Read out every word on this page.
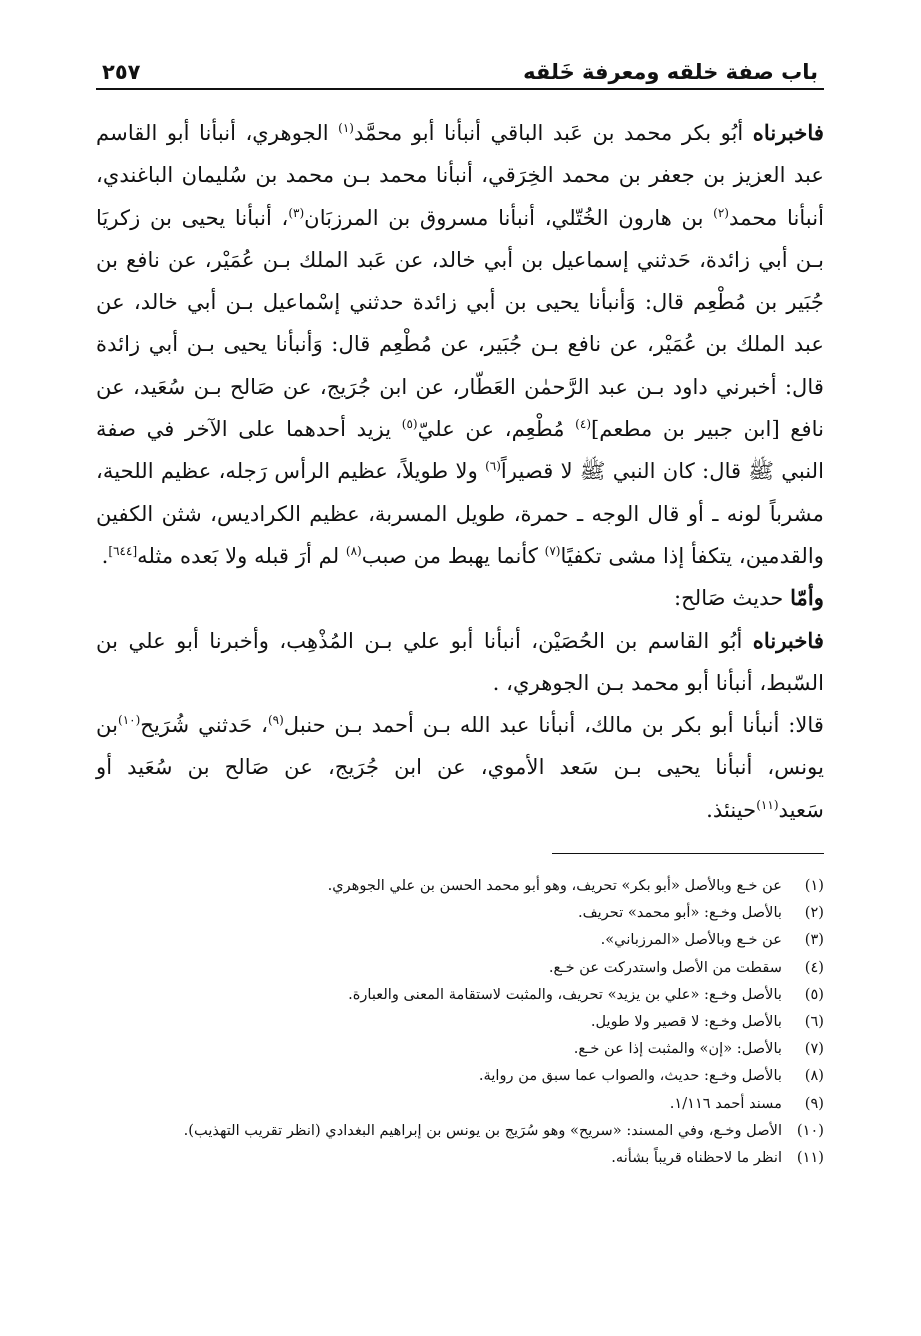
باب صفة خلقه ومعرفة خَلقه
٢٥٧

فاخبرناه أبُو بكر محمد بن عَبد الباقي أنبأنا أبو محمَّد$^{(١)}$ الجوهري، أنبأنا أبو القاسم عبد العزيز بن جعفر بن محمد الخِرَقي، أنبأنا محمد بـن محمد بن سُليمان الباغندي، أنبأنا محمد$^{(٢)}$ بن هارون الخُتّلي، أنبأنا مسروق بن المرزبَان$^{(٣)}$، أنبأنا يحيى بن زكريَا بـن أبي زائدة، حَدثني إسماعيل بن أبي خالد، عن عَبد الملك بـن عُمَيْر، عن نافع بن جُبَير بن مُطْعِم قال: وَأنبأنا يحيى بن أبي زائدة حدثني إسْماعيل بـن أبي خالد، عن عبد الملك بن عُمَيْر، عن نافع بـن جُبَير، عن مُطْعِم قال: وَأنبأنا يحيى بـن أبي زائدة قال: أخبرني داود بـن عبد الرَّحمٰن العَطّار، عن ابن جُرَيج، عن صَالح بـن سُعَيد، عن نافع [ابن جبير بن مطعم]$^{(٤)}$ مُطْعِم، عن عليّ$^{(٥)}$ يزيد أحدهما على الآخر في صفة النبي ﷺ قال: كان النبي ﷺ لا قصيراً$^{(٦)}$ ولا طويلاً، عظيم الرأس رَجله، عظيم اللحية، مشرباً لونه ـ أو قال الوجه ـ حمرة، طويل المسربة، عظيم الكراديس، شثن الكفين والقدمين، يتكفأ إذا مشى تكفيًا$^{(٧)}$ كأنما يهبط من صبب$^{(٨)}$ لم أرَ قبله ولا بَعده مثله[٦٤٤].

وأمّا حديث صَالح:

فاخبرناه أبُو القاسم بن الحُصَيْن، أنبأنا أبو علي بـن المُذْهِب، وأخبرنا أبو علي بن السّبط، أنبأنا أبو محمد بـن الجوهري، .

قالا: أنبأنا أبو بكر بن مالك، أنبأنا عبد الله بـن أحمد بـن حنبل$^{(٩)}$، حَدثني شُرَيح$^{(١٠)}$بن يونس، أنبأنا يحيى بـن سَعد الأموي، عن ابن جُرَيج، عن صَالح بن سُعَيد أو سَعيد$^{(١١)}$حينئذ.

(١)
عن خـع وبالأصل «أبو بكر» تحريف، وهو أبو محمد الحسن بن علي الجوهري.
(٢)
بالأصل وخـع: «أبو محمد» تحريف.
(٣)
عن خـع وبالأصل «المرزباني».
(٤)
سقطت من الأصل واستدركت عن خـع.
(٥)
بالأصل وخـع: «علي بن يزيد» تحريف، والمثبت لاستقامة المعنى والعبارة.
(٦)
بالأصل وخـع: لا قصير ولا طويل.
(٧)
بالأصل: «إن» والمثبت إذا عن خـع.
(٨)
بالأصل وخـع: حديث، والصواب عما سبق من رواية.
(٩)
مسند أحمد ١/١١٦.
(١٠)
الأصل وخـع، وفي المسند: «سريح» وهو سُرَيج بن يونس بن إبراهيم البغدادي (انظر تقريب التهذيب).
(١١)
انظر ما لاحظناه قريباً بشأنه.
